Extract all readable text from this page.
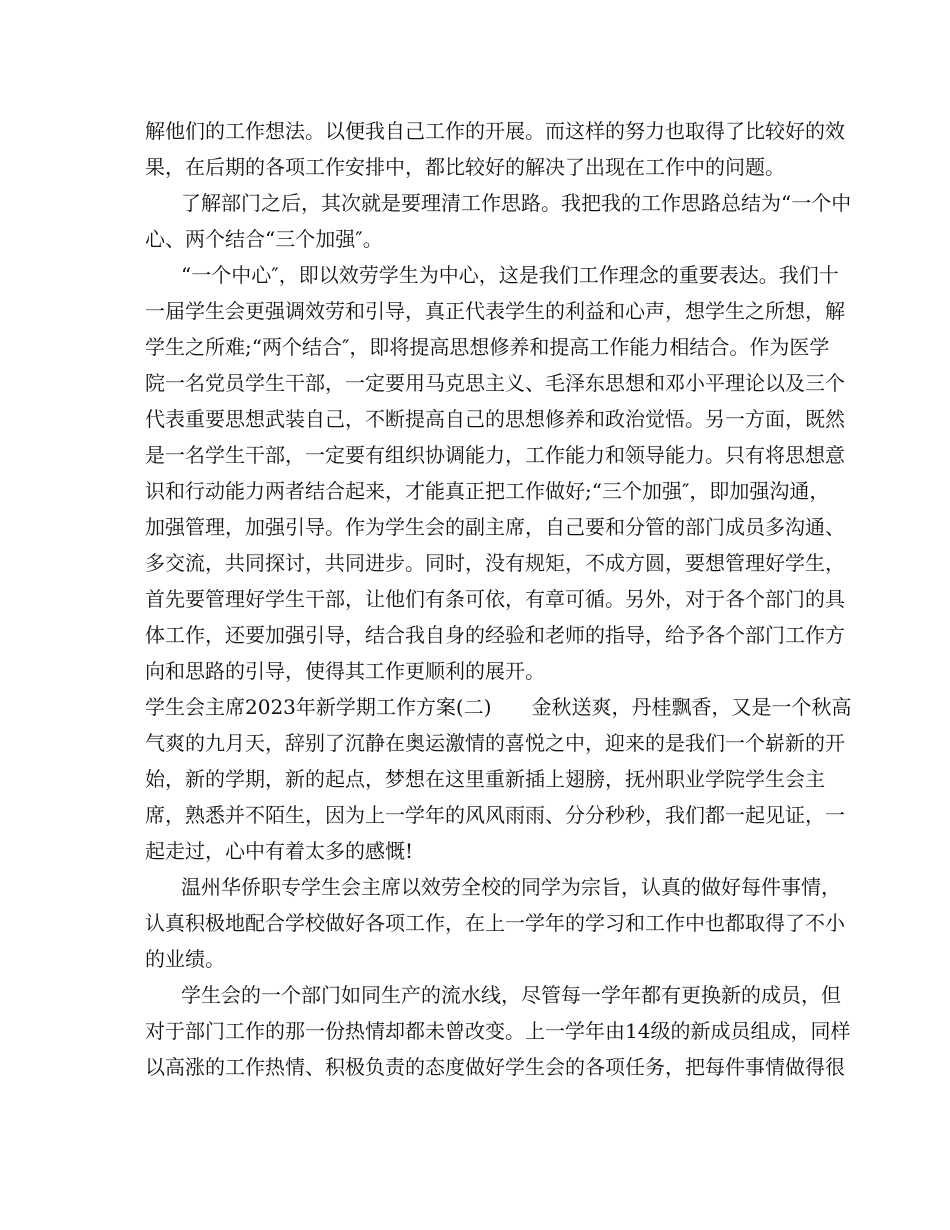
解他们的工作想法。以便我自己工作的开展。而这样的努力也取得了比较好的效
果，在后期的各项工作安排中，都比较好的解决了出现在工作中的问题。
了解部门之后，其次就是要理清工作思路。我把我的工作思路总结为“一个中
心、两个结合“三个加强″。
“一个中心″，即以效劳学生为中心，这是我们工作理念的重要表达。我们十
一届学生会更强调效劳和引导，真正代表学生的利益和心声，想学生之所想，解
学生之所难;“两个结合″，即将提高思想修养和提高工作能力相结合。作为医学
院一名党员学生干部，一定要用马克思主义、毛泽东思想和邓小平理论以及三个
代表重要思想武装自己，不断提高自己的思想修养和政治觉悟。另一方面，既然
是一名学生干部，一定要有组织协调能力，工作能力和领导能力。只有将思想意
识和行动能力两者结合起来，才能真正把工作做好;“三个加强″，即加强沟通，
加强管理，加强引导。作为学生会的副主席，自己要和分管的部门成员多沟通、
多交流，共同探讨，共同进步。同时，没有规矩，不成方圆，要想管理好学生，
首先要管理好学生干部，让他们有条可依，有章可循。另外，对于各个部门的具
体工作，还要加强引导，结合我自身的经验和老师的指导，给予各个部门工作方
向和思路的引导，使得其工作更顺利的展开。
学生会主席2023年新学期工作方案(二)　　金秋送爽，丹桂飘香，又是一个秋高
气爽的九月天，辞别了沉静在奥运激情的喜悦之中，迎来的是我们一个崭新的开
始，新的学期，新的起点，梦想在这里重新插上翅膀，抚州职业学院学生会主
席，熟悉并不陌生，因为上一学年的风风雨雨、分分秒秒，我们都一起见证，一
起走过，心中有着太多的感慨!
温州华侨职专学生会主席以效劳全校的同学为宗旨，认真的做好每件事情，
认真积极地配合学校做好各项工作，在上一学年的学习和工作中也都取得了不小
的业绩。
学生会的一个部门如同生产的流水线，尽管每一学年都有更换新的成员，但
对于部门工作的那一份热情却都未曾改变。上一学年由14级的新成员组成，同样
以高涨的工作热情、积极负责的态度做好学生会的各项任务，把每件事情做得很
